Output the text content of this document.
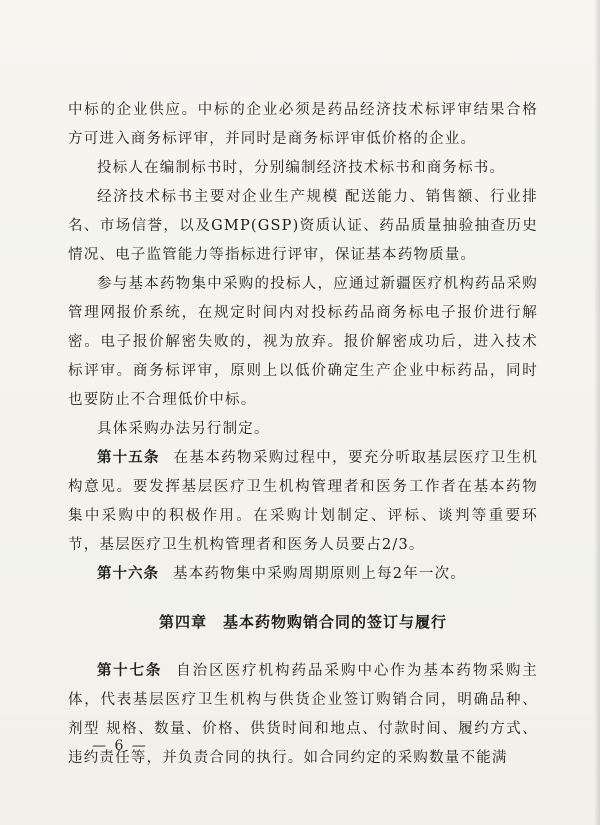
中标的企业供应。中标的企业必须是药品经济技术标评审结果合格方可进入商务标评审，并同时是商务标评审低价格的企业。

投标人在编制标书时，分别编制经济技术标书和商务标书。

经济技术标书主要对企业生产规模 配送能力、销售额、行业排名、市场信誉，以及GMP(GSP)资质认证、药品质量抽验抽查历史情况、电子监管能力等指标进行评审，保证基本药物质量。

参与基本药物集中采购的投标人，应通过新疆医疗机构药品采购管理网报价系统，在规定时间内对投标药品商务标电子报价进行解密。电子报价解密失败的，视为放弃。报价解密成功后，进入技术标评审。商务标评审，原则上以低价确定生产企业中标药品，同时也要防止不合理低价中标。

具体采购办法另行制定。

第十五条 在基本药物采购过程中，要充分听取基层医疗卫生机构意见。要发挥基层医疗卫生机构管理者和医务工作者在基本药物集中采购中的积极作用。在采购计划制定、评标、谈判等重要环节，基层医疗卫生机构管理者和医务人员要占2/3。

第十六条 基本药物集中采购周期原则上每2年一次。

第四章　基本药物购销合同的签订与履行

第十七条 自治区医疗机构药品采购中心作为基本药物采购主体，代表基层医疗卫生机构与供货企业签订购销合同，明确品种、剂型 规格、数量、价格、供货时间和地点、付款时间、履约方式、违约责任等，并负责合同的执行。如合同约定的采购数量不能满

— 6 —
